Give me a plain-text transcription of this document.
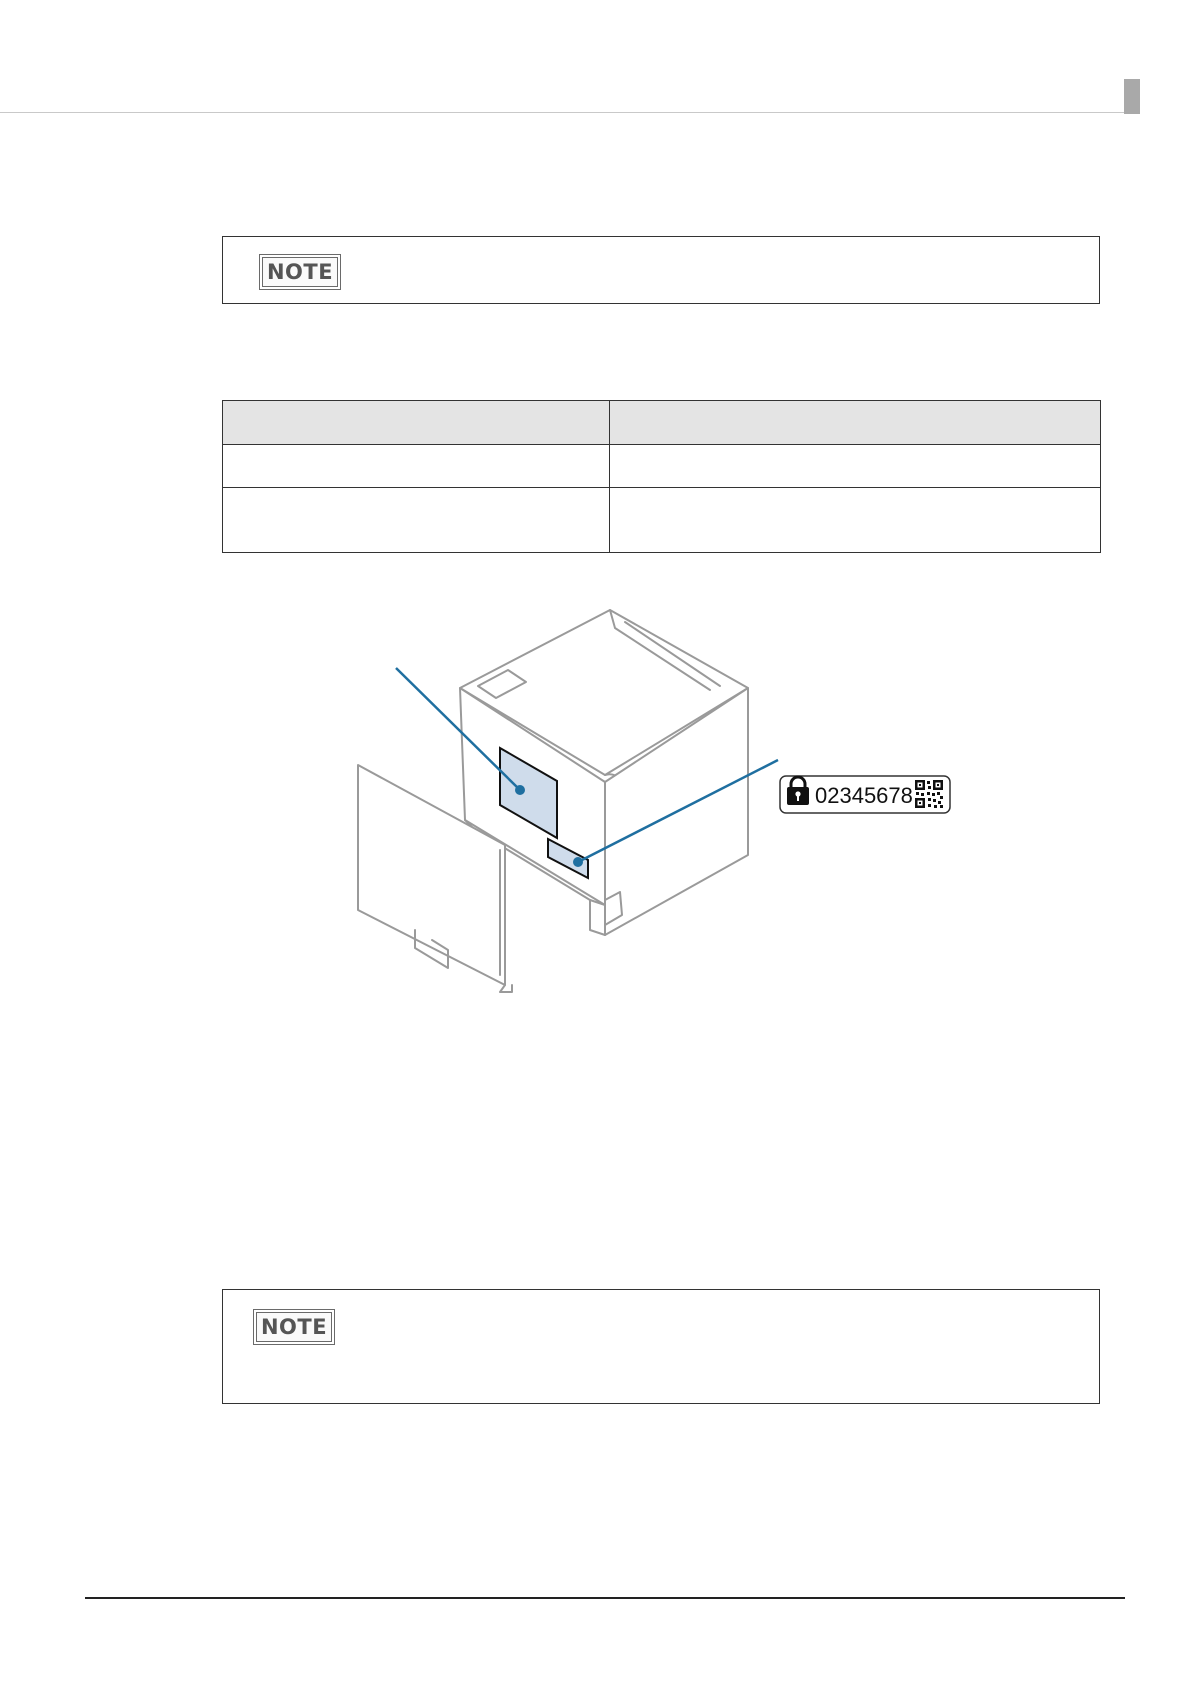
NOTE

02345678
NOTE
